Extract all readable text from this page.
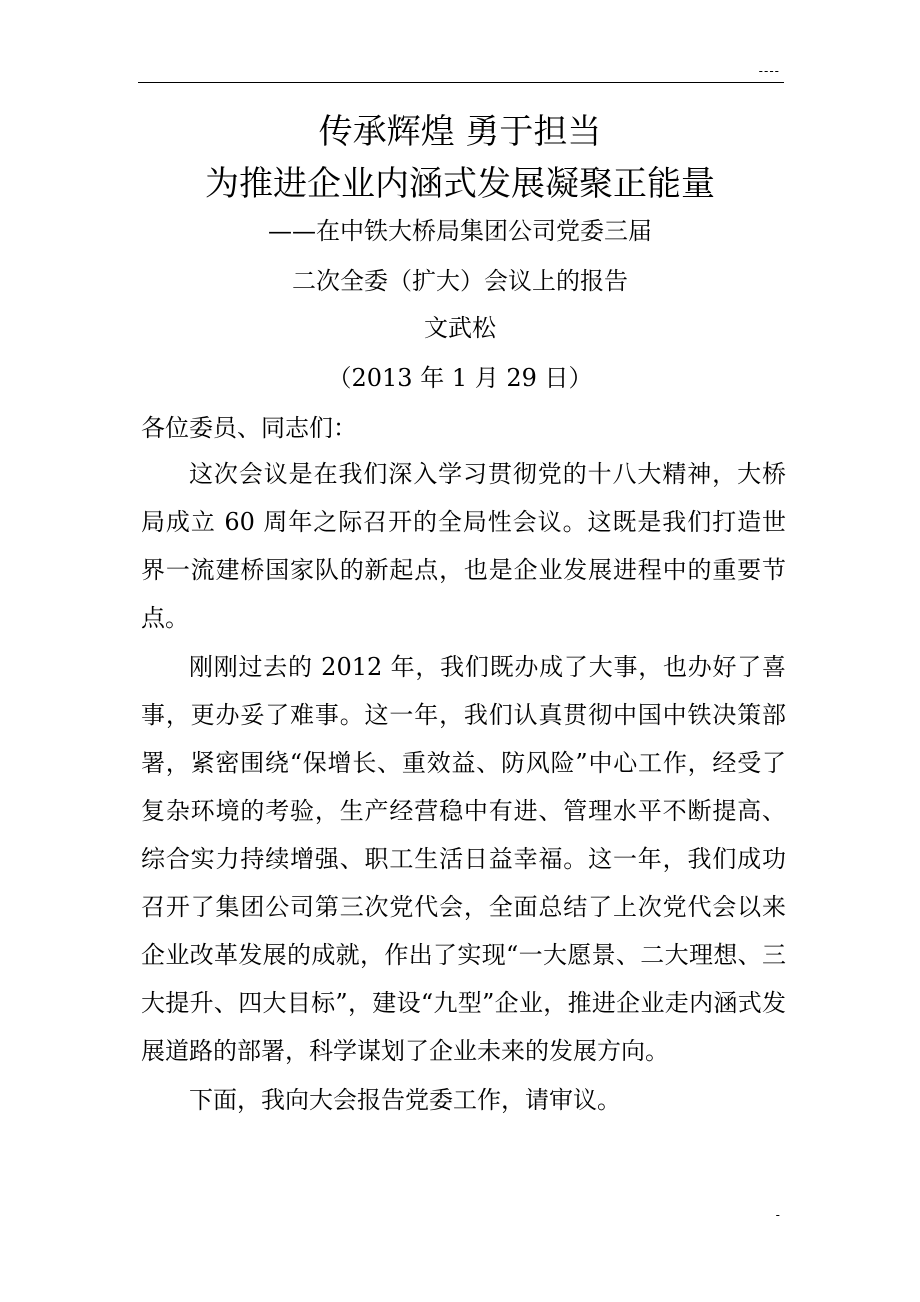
----
传承辉煌 勇于担当
为推进企业内涵式发展凝聚正能量
——在中铁大桥局集团公司党委三届
二次全委（扩大）会议上的报告
文武松
（2013 年 1 月 29 日）
各位委员、同志们：
这次会议是在我们深入学习贯彻党的十八大精神，大桥局成立 60 周年之际召开的全局性会议。这既是我们打造世界一流建桥国家队的新起点，也是企业发展进程中的重要节点。
刚刚过去的 2012 年，我们既办成了大事，也办好了喜事，更办妥了难事。这一年，我们认真贯彻中国中铁决策部署，紧密围绕“保增长、重效益、防风险”中心工作，经受了复杂环境的考验，生产经营稳中有进、管理水平不断提高、综合实力持续增强、职工生活日益幸福。这一年，我们成功召开了集团公司第三次党代会，全面总结了上次党代会以来企业改革发展的成就，作出了实现“一大愿景、二大理想、三大提升、四大目标”，建设“九型”企业，推进企业走内涵式发展道路的部署，科学谋划了企业未来的发展方向。
下面，我向大会报告党委工作，请审议。
-
